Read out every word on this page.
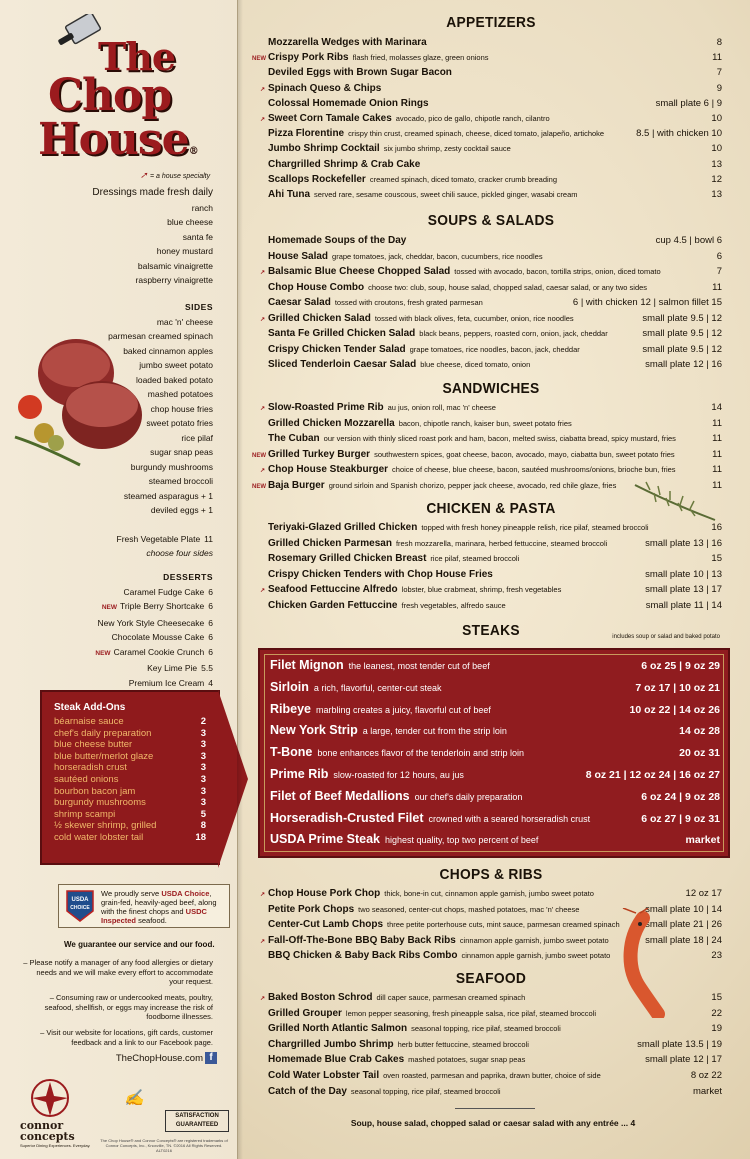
The
Chop
House®
➚ = a house specialty
Dressings made fresh daily
ranch
blue cheese
santa fe
honey mustard
balsamic vinaigrette
raspberry vinaigrette
SIDES
mac 'n' cheese
parmesan creamed spinach
baked cinnamon apples
jumbo sweet potato
loaded baked potato
mashed potatoes
chop house fries
sweet potato fries
rice pilaf
sugar snap peas
burgundy mushrooms
steamed broccoli
steamed asparagus + 1
deviled eggs + 1
Fresh Vegetable Plate 11
choose four sides
DESSERTS
Caramel Fudge Cake 6
NEW Triple Berry Shortcake 6
New York Style Cheesecake 6
Chocolate Mousse Cake 6
NEW Caramel Cookie Crunch 6
Key Lime Pie 5.5
Premium Ice Cream 4
Steak Add-Ons
béarnaise sauce	2
chef's daily preparation	3
blue cheese butter	3
blue butter/merlot glaze	3
horseradish crust	3
sautéed onions	3
bourbon bacon jam	3
burgundy mushrooms	3
shrimp scampi	5
½ skewer shrimp, grilled	8
cold water lobster tail	18
USDA
CHOICE
We proudly serve USDA Choice, grain-fed, heavily-aged beef, along with the finest chops and USDC Inspected seafood.
We guarantee our service and our food.
– Please notify a manager of any food allergies or dietary needs and we will make every effort to accommodate your request.
– Consuming raw or undercooked meats, poultry, seafood, shellfish, or eggs may increase the risk of foodborne illnesses.
– Visit our website for locations, gift cards, customer feedback and a link to our Facebook page.
TheChopHouse.com f
connor
concepts
Superior Dining Experiences. Everyday.
✍
SATISFACTION
GUARANTEED
The Chop House® and Connor Concepts® are registered trademarks of Connor Concepts, Inc., Knoxville, TN. ©2016 All Rights Reserved. ALT0216
APPETIZERS
Mozzarella Wedges with Marinara	8
NEW Crispy Pork Ribs flash fried, molasses glaze, green onions	11
Deviled Eggs with Brown Sugar Bacon	7
↗ Spinach Queso & Chips	9
Colossal Homemade Onion Rings	small plate 6 | 9
↗ Sweet Corn Tamale Cakes avocado, pico de gallo, chipotle ranch, cilantro	10
Pizza Florentine crispy thin crust, creamed spinach, cheese, diced tomato, jalapeño, artichoke	8.5 | with chicken 10
Jumbo Shrimp Cocktail six jumbo shrimp, zesty cocktail sauce	10
Chargrilled Shrimp & Crab Cake	13
Scallops Rockefeller creamed spinach, diced tomato, cracker crumb breading	12
Ahi Tuna served rare, sesame couscous, sweet chili sauce, pickled ginger, wasabi cream	13
SOUPS & SALADS
Homemade Soups of the Day	cup 4.5 | bowl 6
House Salad grape tomatoes, jack, cheddar, bacon, cucumbers, rice noodles	6
↗ Balsamic Blue Cheese Chopped Salad tossed with avocado, bacon, tortilla strips, onion, diced tomato	7
Chop House Combo choose two: club, soup, house salad, chopped salad, caesar salad, or any two sides	11
Caesar Salad tossed with croutons, fresh grated parmesan	6 | with chicken 12 | salmon fillet 15
↗ Grilled Chicken Salad tossed with black olives, feta, cucumber, onion, rice noodles	small plate 9.5 | 12
Santa Fe Grilled Chicken Salad black beans, peppers, roasted corn, onion, jack, cheddar	small plate 9.5 | 12
Crispy Chicken Tender Salad grape tomatoes, rice noodles, bacon, jack, cheddar	small plate 9.5 | 12
Sliced Tenderloin Caesar Salad blue cheese, diced tomato, onion	small plate 12 | 16
SANDWICHES
↗ Slow-Roasted Prime Rib au jus, onion roll, mac 'n' cheese	14
Grilled Chicken Mozzarella bacon, chipotle ranch, kaiser bun, sweet potato fries	11
The Cuban our version with thinly sliced roast pork and ham, bacon, melted swiss, ciabatta bread, spicy mustard, fries	11
NEW Grilled Turkey Burger southwestern spices, goat cheese, bacon, avocado, mayo, ciabatta bun, sweet potato fries	11
↗ Chop House Steakburger choice of cheese, blue cheese, bacon, sautéed mushrooms/onions, brioche bun, fries	11
NEW Baja Burger ground sirloin and Spanish chorizo, pepper jack cheese, avocado, red chile glaze, fries	11
CHICKEN & PASTA
Teriyaki-Glazed Grilled Chicken topped with fresh honey pineapple relish, rice pilaf, steamed broccoli	16
Grilled Chicken Parmesan fresh mozzarella, marinara, herbed fettuccine, steamed broccoli	small plate 13 | 16
Rosemary Grilled Chicken Breast rice pilaf, steamed broccoli	15
Crispy Chicken Tenders with Chop House Fries	small plate 10 | 13
↗ Seafood Fettuccine Alfredo lobster, blue crabmeat, shrimp, fresh vegetables	small plate 13 | 17
Chicken Garden Fettuccine fresh vegetables, alfredo sauce	small plate 11 | 14
STEAKS
CHOPS & RIBS
↗ Chop House Pork Chop thick, bone-in cut, cinnamon apple garnish, jumbo sweet potato	12 oz 17
Petite Pork Chops two seasoned, center-cut chops, mashed potatoes, mac 'n' cheese	small plate 10 | 14
Center-Cut Lamb Chops three petite porterhouse cuts, mint sauce, parmesan creamed spinach	small plate 21 | 26
↗ Fall-Off-The-Bone BBQ Baby Back Ribs cinnamon apple garnish, jumbo sweet potato	small plate 18 | 24
BBQ Chicken & Baby Back Ribs Combo cinnamon apple garnish, jumbo sweet potato	23
SEAFOOD
↗ Baked Boston Schrod dill caper sauce, parmesan creamed spinach	15
Grilled Grouper lemon pepper seasoning, fresh pineapple salsa, rice pilaf, steamed broccoli	22
Grilled North Atlantic Salmon seasonal topping, rice pilaf, steamed broccoli	19
Chargrilled Jumbo Shrimp herb butter fettuccine, steamed broccoli	small plate 13.5 | 19
Homemade Blue Crab Cakes mashed potatoes, sugar snap peas	small plate 12 | 17
Cold Water Lobster Tail oven roasted, parmesan and paprika, drawn butter, choice of side	8 oz 22
Catch of the Day seasonal topping, rice pilaf, steamed broccoli	market
includes soup or salad and baked potato
Filet Mignon the leanest, most tender cut of beef	6 oz 25 | 9 oz 29
Sirloin a rich, flavorful, center-cut steak	7 oz 17 | 10 oz 21
Ribeye marbling creates a juicy, flavorful cut of beef	10 oz 22 | 14 oz 26
New York Strip a large, tender cut from the strip loin	14 oz 28
T-Bone bone enhances flavor of the tenderloin and strip loin	20 oz 31
Prime Rib slow-roasted for 12 hours, au jus	8 oz 21 | 12 oz 24 | 16 oz 27
Filet of Beef Medallions our chef's daily preparation	6 oz 24 | 9 oz 28
Horseradish-Crusted Filet crowned with a seared horseradish crust	6 oz 27 | 9 oz 31
USDA Prime Steak highest quality, top two percent of beef	market
Soup, house salad, chopped salad or caesar salad with any entrée ... 4
